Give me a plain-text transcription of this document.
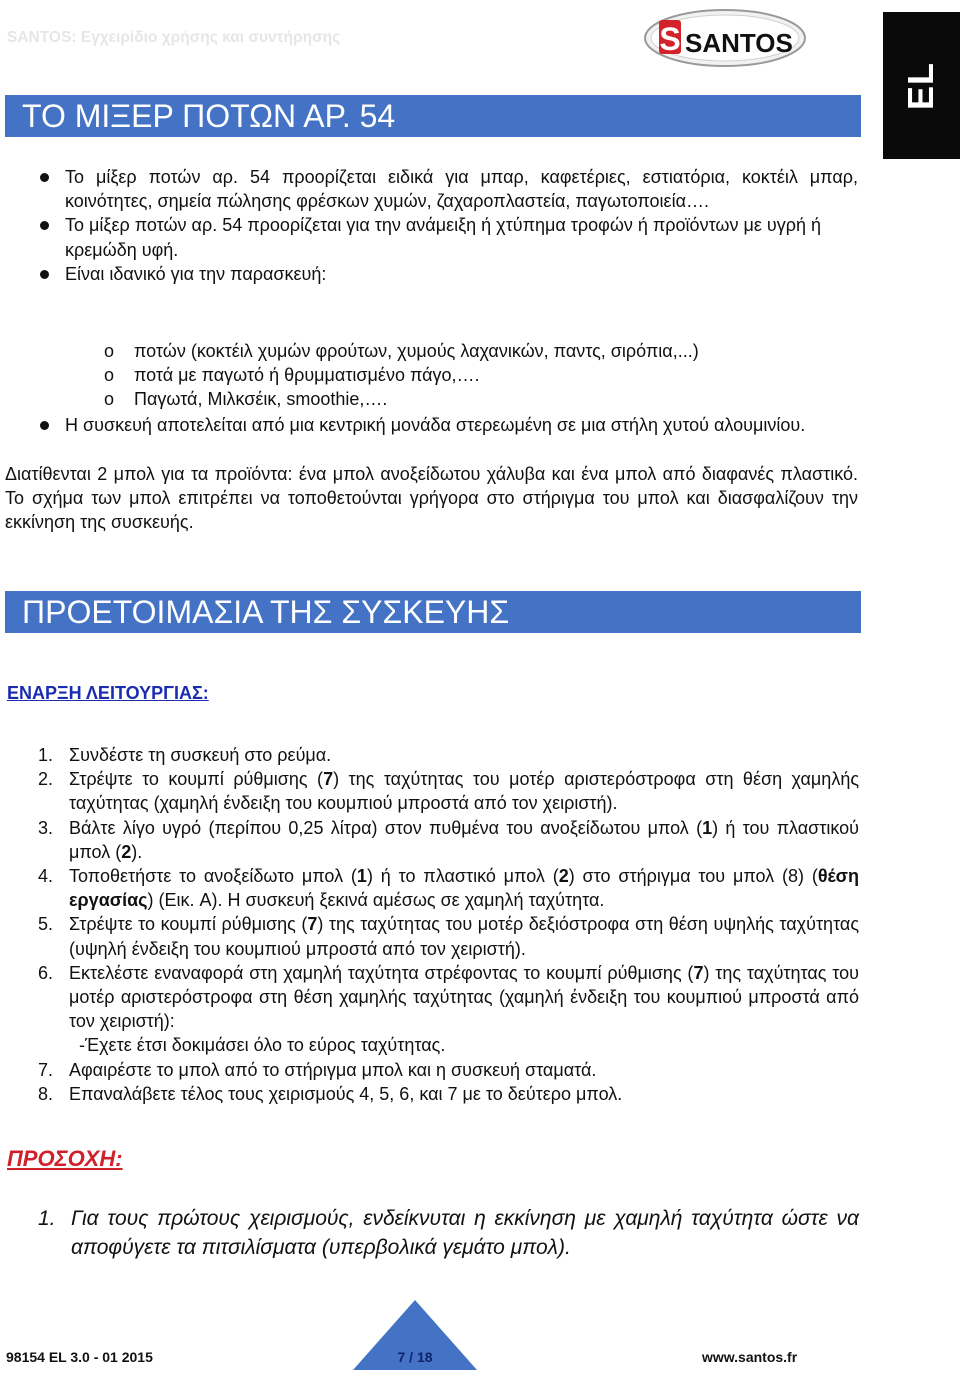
SANTOS: Εγχειρίδιο χρήσης και συντήρησης	S SANTOS
EL
ΤΟ ΜΙΞΕΡ ΠΟΤΩΝ ΑΡ. 54
Το μίξερ ποτών αρ. 54 προορίζεται ειδικά για μπαρ, καφετέριες, εστιατόρια, κοκτέιλ μπαρ, κοινότητες, σημεία πώλησης φρέσκων χυμών, ζαχαροπλαστεία, παγωτοποιεία….
Το μίξερ ποτών αρ. 54 προορίζεται για την ανάμειξη ή χτύπημα τροφών ή προϊόντων με υγρή ή κρεμώδη υφή.
Είναι ιδανικό για την παρασκευή:
o	ποτών (κοκτέιλ χυμών φρούτων, χυμούς λαχανικών, παντς, σιρόπια,...)
o	ποτά με παγωτό ή θρυμματισμένο πάγο,….
o	Παγωτά, Μιλκσέικ, smoothie,….
Η συσκευή αποτελείται από μια κεντρική μονάδα στερεωμένη σε μια στήλη χυτού αλουμινίου.
Διατίθενται 2 μπολ για τα προϊόντα: ένα μπολ ανοξείδωτου χάλυβα και ένα μπολ από διαφανές πλαστικό. Το σχήμα των μπολ επιτρέπει να τοποθετούνται γρήγορα στο στήριγμα του μπολ και διασφαλίζουν την εκκίνηση της συσκευής.
ΠΡΟΕΤΟΙΜΑΣΙΑ ΤΗΣ ΣΥΣΚΕΥΗΣ
ΕΝΑΡΞΗ ΛΕΙΤΟΥΡΓΙΑΣ:
1. Συνδέστε τη συσκευή στο ρεύμα.
2. Στρέψτε το κουμπί ρύθμισης (7) της ταχύτητας του μοτέρ αριστερόστροφα στη θέση χαμηλής ταχύτητας (χαμηλή ένδειξη του κουμπιού μπροστά από τον χειριστή).
3. Βάλτε λίγο υγρό (περίπου 0,25 λίτρα) στον πυθμένα του ανοξείδωτου μπολ (1) ή του πλαστικού μπολ (2).
4. Τοποθετήστε το ανοξείδωτο μπολ (1) ή το πλαστικό μπολ (2) στο στήριγμα του μπολ (8) (θέση εργασίας) (Εικ. A). Η συσκευή ξεκινά αμέσως σε χαμηλή ταχύτητα.
5. Στρέψτε το κουμπί ρύθμισης (7) της ταχύτητας του μοτέρ δεξιόστροφα στη θέση υψηλής ταχύτητας (υψηλή ένδειξη του κουμπιού μπροστά από τον χειριστή).
6. Εκτελέστε εναναφορά στη χαμηλή ταχύτητα στρέφοντας το κουμπί ρύθμισης (7) της ταχύτητας του μοτέρ αριστερόστροφα στη θέση χαμηλής ταχύτητας (χαμηλή ένδειξη του κουμπιού μπροστά από τον χειριστή):
-Έχετε έτσι δοκιμάσει όλο το εύρος ταχύτητας.
7. Αφαιρέστε το μπολ από το στήριγμα μπολ και η συσκευή σταματά.
8. Επαναλάβετε τέλος τους χειρισμούς 4, 5, 6, και 7 με το δεύτερο μπολ.
ΠΡΟΣΟΧΗ:
1. Για τους πρώτους χειρισμούς, ενδείκνυται η εκκίνηση με χαμηλή ταχύτητα ώστε να αποφύγετε τα πιτσιλίσματα (υπερβολικά γεμάτο μπολ).
98154 EL 3.0 - 01 2015	7 / 18	www.santos.fr
